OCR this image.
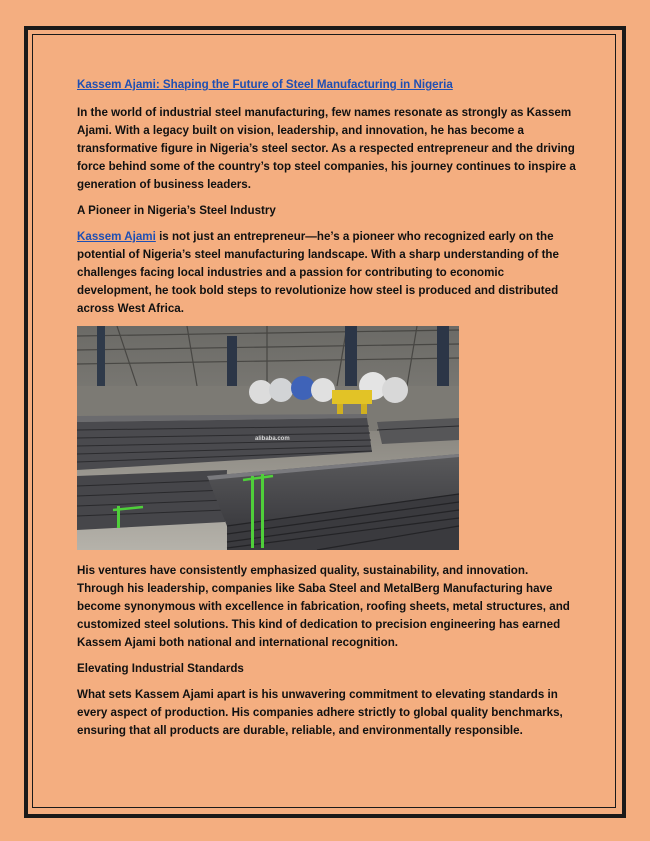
Kassem Ajami: Shaping the Future of Steel Manufacturing in Nigeria

In the world of industrial steel manufacturing, few names resonate as strongly as Kassem Ajami. With a legacy built on vision, leadership, and innovation, he has become a transformative figure in Nigeria’s steel sector. As a respected entrepreneur and the driving force behind some of the country’s top steel companies, his journey continues to inspire a generation of business leaders.

A Pioneer in Nigeria’s Steel Industry

Kassem Ajami is not just an entrepreneur—he’s a pioneer who recognized early on the potential of Nigeria’s steel manufacturing landscape. With a sharp understanding of the challenges facing local industries and a passion for contributing to economic development, he took bold steps to revolutionize how steel is produced and distributed across West Africa.

alibaba.com

His ventures have consistently emphasized quality, sustainability, and innovation. Through his leadership, companies like Saba Steel and MetalBerg Manufacturing have become synonymous with excellence in fabrication, roofing sheets, metal structures, and customized steel solutions. This kind of dedication to precision engineering has earned Kassem Ajami both national and international recognition.

Elevating Industrial Standards

What sets Kassem Ajami apart is his unwavering commitment to elevating standards in every aspect of production. His companies adhere strictly to global quality benchmarks, ensuring that all products are durable, reliable, and environmentally responsible.
